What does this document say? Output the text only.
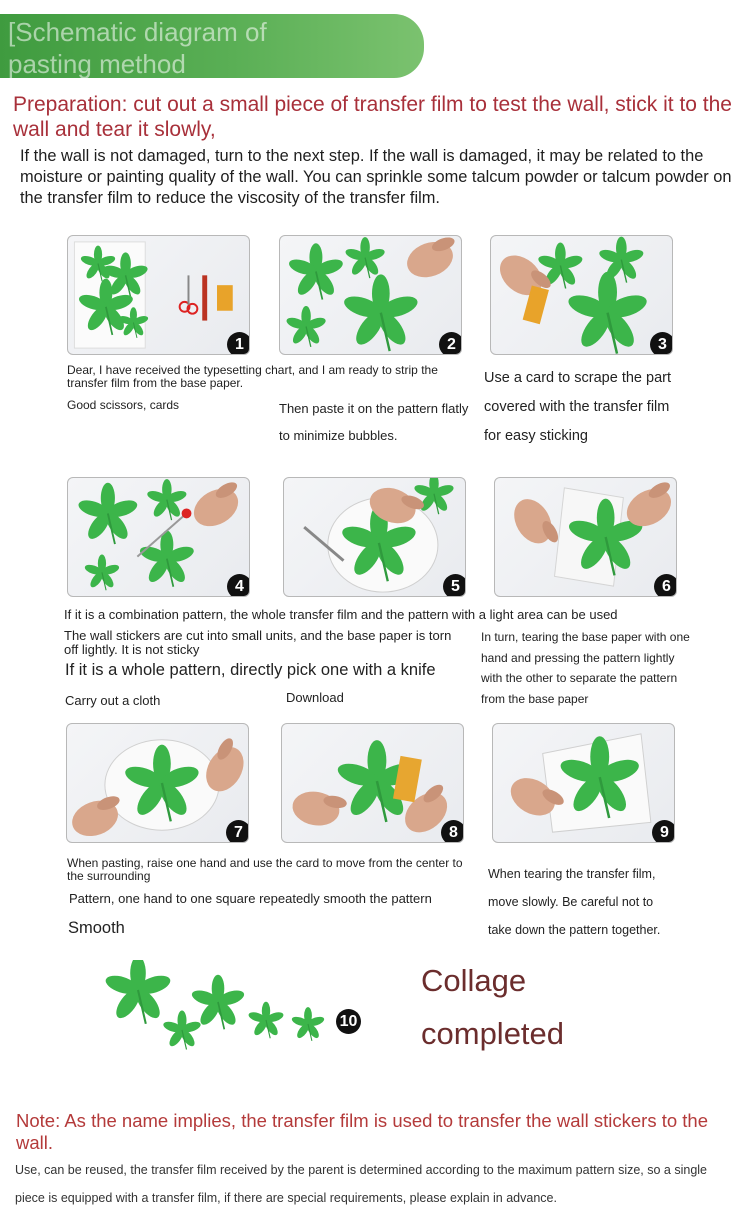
[Schematic diagram of pasting method
Preparation: cut out a small piece of transfer film to test the wall, stick it to the wall and tear it slowly,
If the wall is not damaged, turn to the next step. If the wall is damaged, it may be related to the moisture or painting quality of the wall. You can sprinkle some talcum powder or talcum powder on the transfer film to reduce the viscosity of the transfer film.
1	2	3
Dear, I have received the typesetting chart, and I am ready to strip the transfer film from the base paper.
Good scissors, cards	Then paste it on the pattern flatly to minimize bubbles.
Use a card to scrape the part covered with the transfer film for easy sticking
4	5	6
If it is a combination pattern, the whole transfer film and the pattern with a light area can be used
The wall stickers are cut into small units, and the base paper is torn off lightly. It is not sticky
If it is a whole pattern, directly pick one with a knife
Carry out a cloth	Download
In turn, tearing the base paper with one hand and pressing the pattern lightly with the other to separate the pattern from the base paper
7	8	9
When pasting, raise one hand and use the card to move from the center to the surrounding
Pattern, one hand to one square repeatedly smooth the pattern
Smooth
When tearing the transfer film, move slowly. Be careful not to take down the pattern together.
10
Collage completed
Note: As the name implies, the transfer film is used to transfer the wall stickers to the wall.
Use, can be reused, the transfer film received by the parent is determined according to the maximum pattern size, so a single piece is equipped with a transfer film, if there are special requirements, please explain in advance.
